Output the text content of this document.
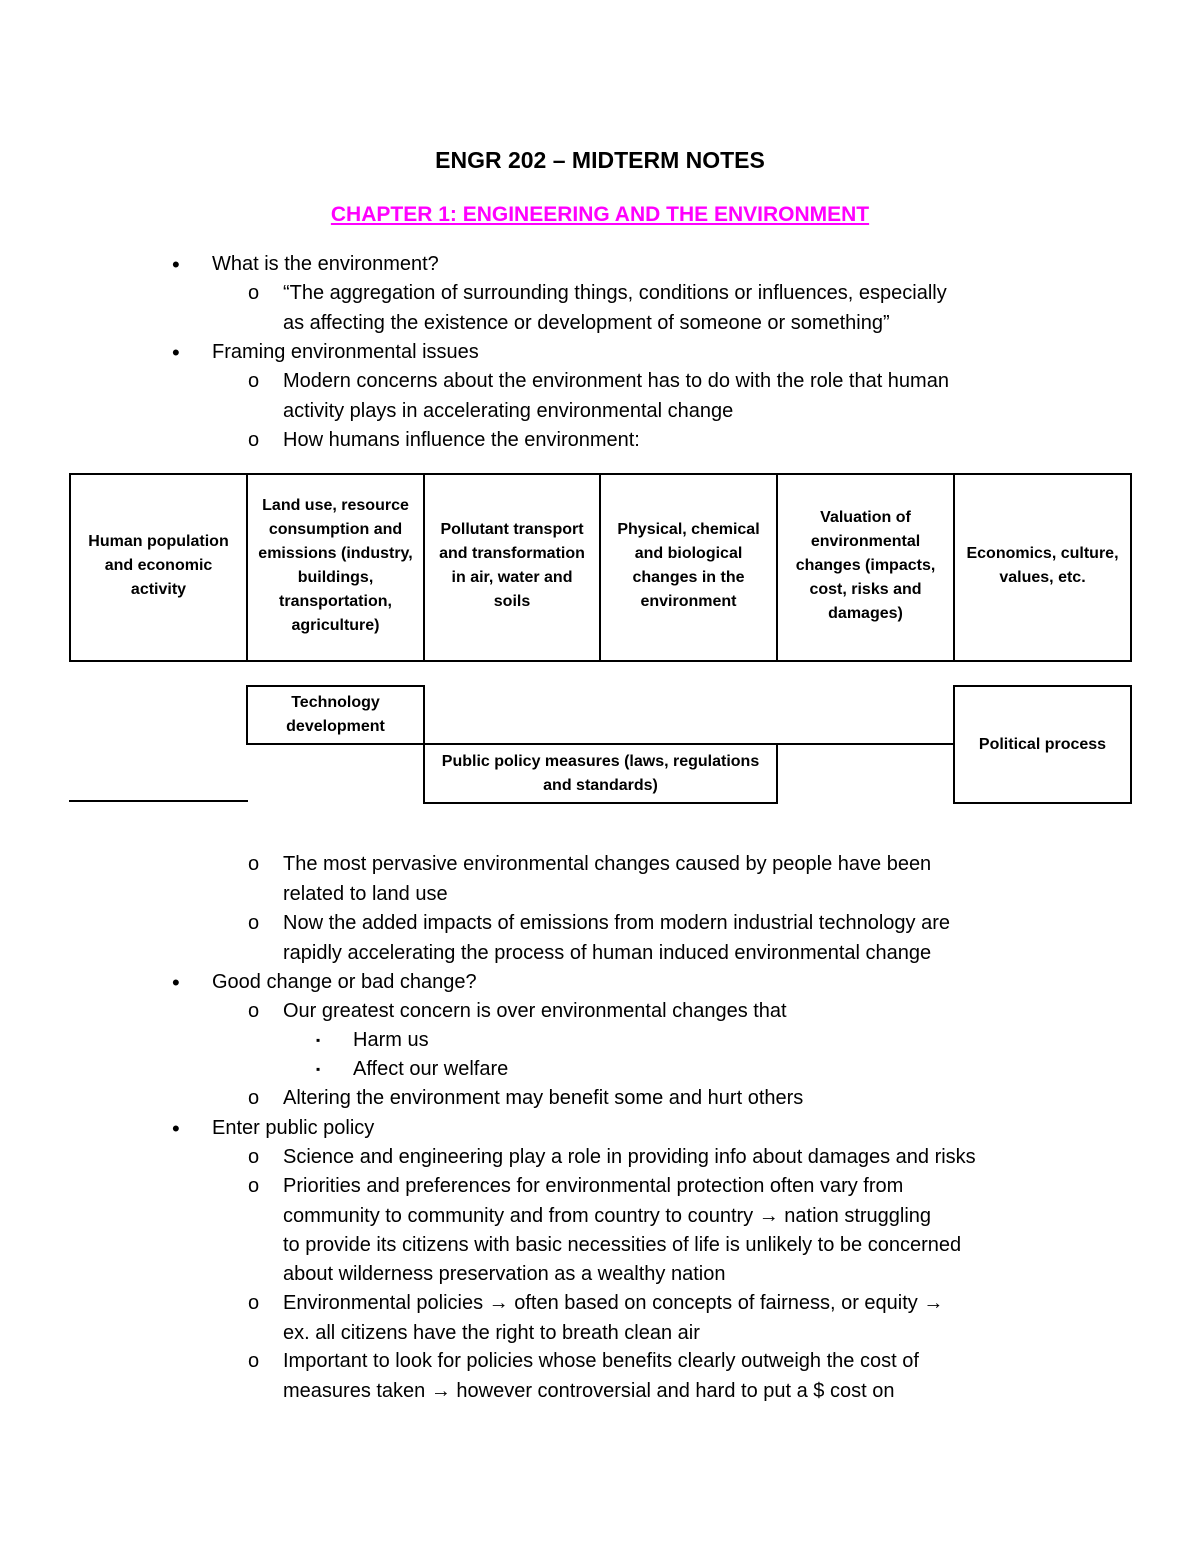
ENGR 202 – MIDTERM NOTES
CHAPTER 1: ENGINEERING AND THE ENVIRONMENT
• What is the environment?
o “The aggregation of surrounding things, conditions or influences, especially
as affecting the existence or development of someone or something”
• Framing environmental issues
o Modern concerns about the environment has to do with the role that human
activity plays in accelerating environmental change
o How humans influence the environment:
Human population and economic activity
Land use, resource consumption and emissions (industry, buildings, transportation, agriculture)
Pollutant transport and transformation in air, water and soils
Physical, chemical and biological changes in the environment
Valuation of environmental changes (impacts, cost, risks and damages)
Economics, culture, values, etc.
Technology development
Public policy measures (laws, regulations and standards)
Political process
o The most pervasive environmental changes caused by people have been
related to land use
o Now the added impacts of emissions from modern industrial technology are
rapidly accelerating the process of human induced environmental change
• Good change or bad change?
o Our greatest concern is over environmental changes that
▪ Harm us
▪ Affect our welfare
o Altering the environment may benefit some and hurt others
• Enter public policy
o Science and engineering play a role in providing info about damages and risks
o Priorities and preferences for environmental protection often vary from
community to community and from country to country → nation struggling
to provide its citizens with basic necessities of life is unlikely to be concerned
about wilderness preservation as a wealthy nation
o Environmental policies → often based on concepts of fairness, or equity →
ex. all citizens have the right to breath clean air
o Important to look for policies whose benefits clearly outweigh the cost of
measures taken → however controversial and hard to put a $ cost on
